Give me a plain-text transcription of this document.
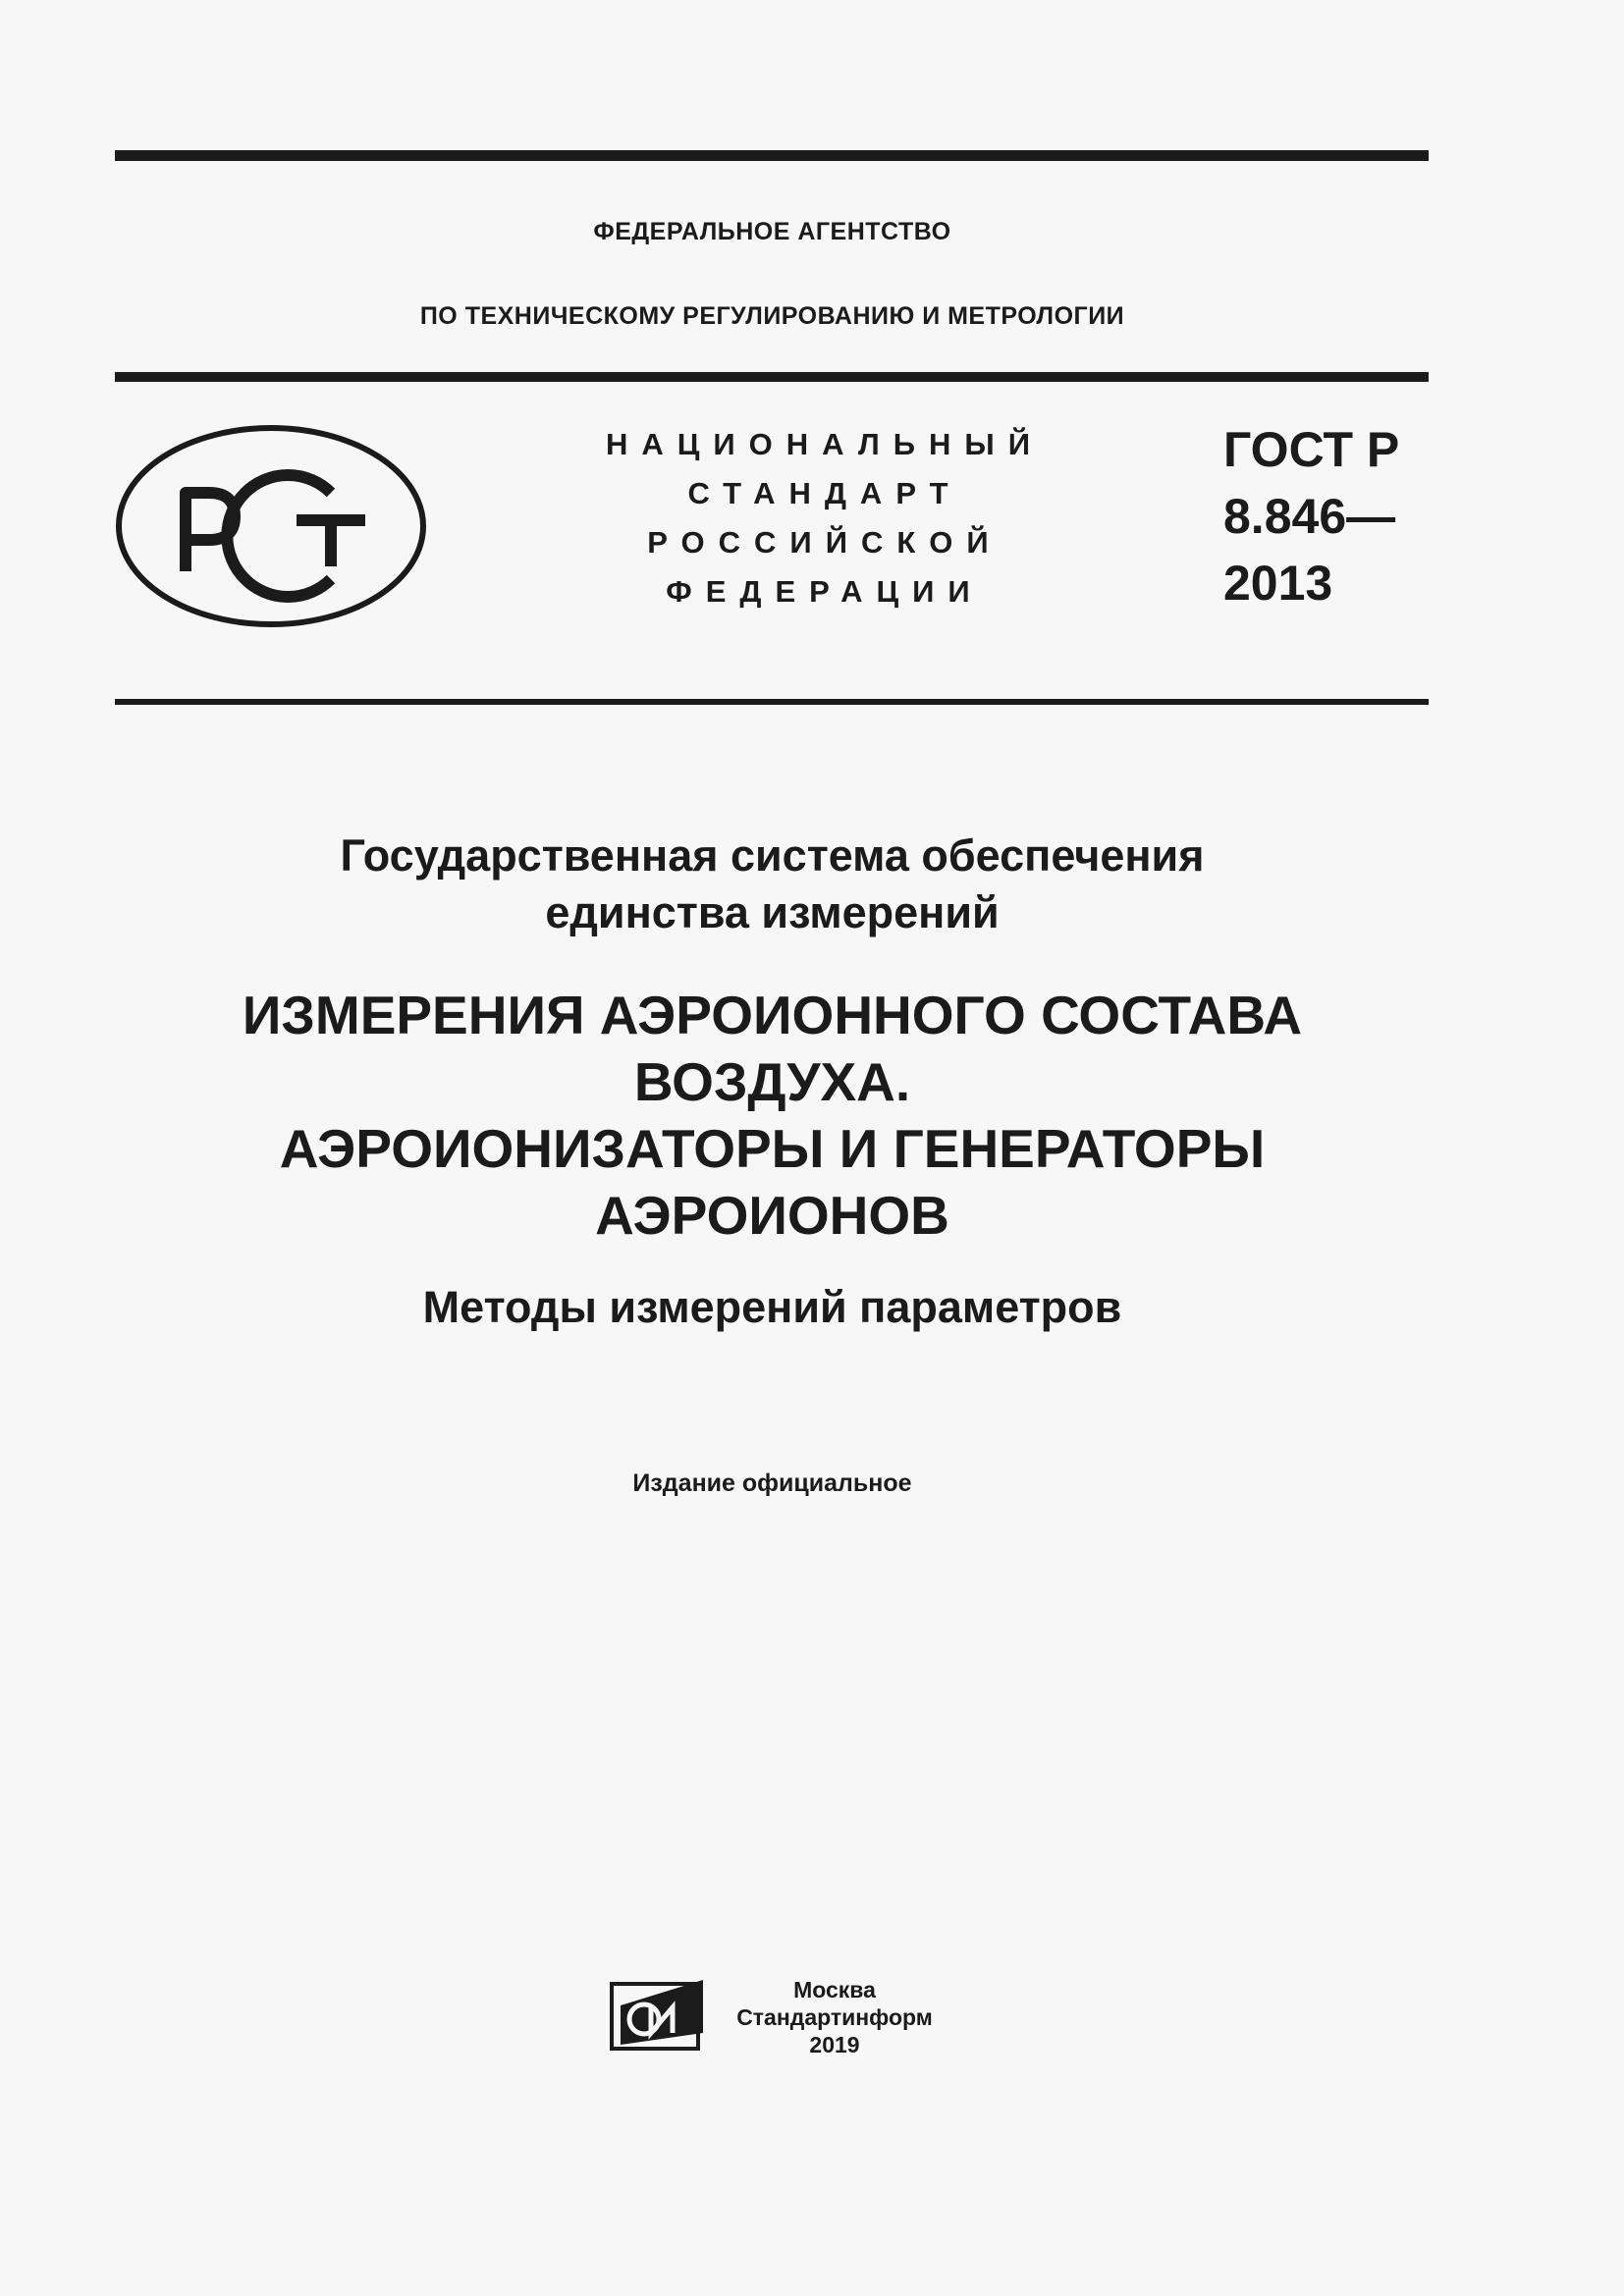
ФЕДЕРАЛЬНОЕ АГЕНТСТВО
ПО ТЕХНИЧЕСКОМУ РЕГУЛИРОВАНИЮ И МЕТРОЛОГИИ
НАЦИОНАЛЬНЫЙ
СТАНДАРТ
РОССИЙСКОЙ
ФЕДЕРАЦИИ
ГОСТ Р
8.846—
2013
Государственная система обеспечения
единства измерений
ИЗМЕРЕНИЯ АЭРОИОННОГО СОСТАВА
ВОЗДУХА.
АЭРОИОНИЗАТОРЫ И ГЕНЕРАТОРЫ
АЭРОИОНОВ
Методы измерений параметров
Издание официальное
Москва
Стандартинформ
2019
